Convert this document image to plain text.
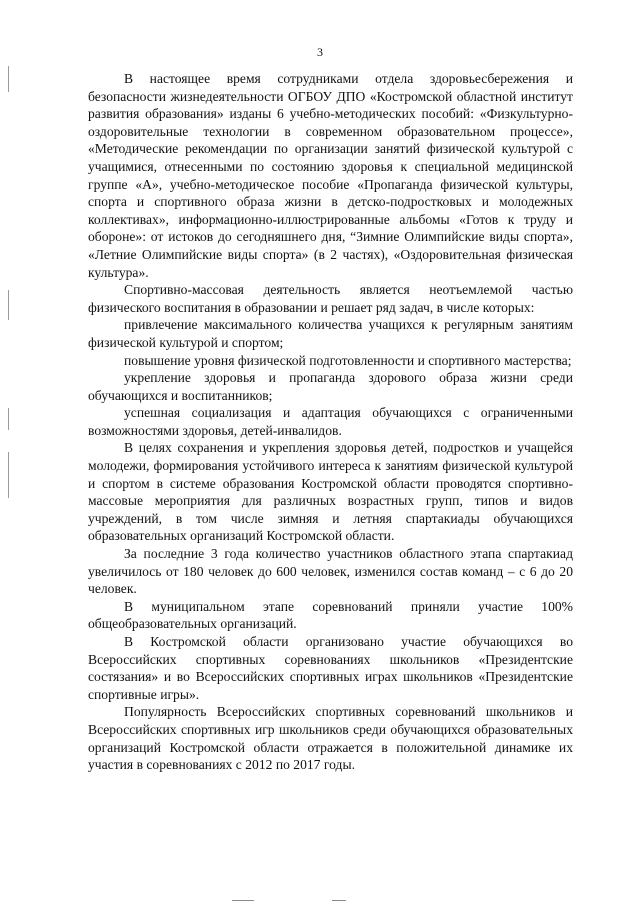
3

В настоящее время сотрудниками отдела здоровьесбережения и безопасности жизнедеятельности ОГБОУ ДПО «Костромской областной институт развития образования» изданы 6 учебно-методических пособий: «Физкультурно-оздоровительные технологии в современном образовательном процессе», «Методические рекомендации по организации занятий физической культурой с учащимися, отнесенными по состоянию здоровья к специальной медицинской группе «А», учебно-методическое пособие «Пропаганда физической культуры, спорта и спортивного образа жизни в детско-подростковых и молодежных коллективах», информационно-иллюстрированные альбомы «Готов к труду и обороне»: от истоков до сегодняшнего дня, “Зимние Олимпийские виды спорта», «Летние Олимпийские виды спорта» (в 2 частях), «Оздоровительная физическая культура».

Спортивно-массовая деятельность является неотъемлемой частью физического воспитания в образовании и решает ряд задач, в числе которых:

привлечение максимального количества учащихся к регулярным занятиям физической культурой и спортом;

повышение уровня физической подготовленности и спортивного мастерства;

укрепление здоровья и пропаганда здорового образа жизни среди обучающихся и воспитанников;

успешная социализация и адаптация обучающихся с ограниченными возможностями здоровья, детей-инвалидов.

В целях сохранения и укрепления здоровья детей, подростков и учащейся молодежи, формирования устойчивого интереса к занятиям физической культурой и спортом в системе образования Костромской области проводятся спортивно-массовые мероприятия для различных возрастных групп, типов и видов учреждений, в том числе зимняя и летняя спартакиады обучающихся образовательных организаций Костромской области.

За последние 3 года количество участников областного этапа спартакиад увеличилось от 180 человек до 600 человек, изменился состав команд – с 6 до 20 человек.

В муниципальном этапе соревнований приняли участие 100% общеобразовательных организаций.

В Костромской области организовано участие обучающихся во Всероссийских спортивных соревнованиях школьников «Президентские состязания» и во Всероссийских спортивных играх школьников «Президентские спортивные игры».

Популярность Всероссийских спортивных соревнований школьников и Всероссийских спортивных игр школьников среди обучающихся образовательных организаций Костромской области отражается в положительной динамике их участия в соревнованиях с 2012 по 2017 годы.
